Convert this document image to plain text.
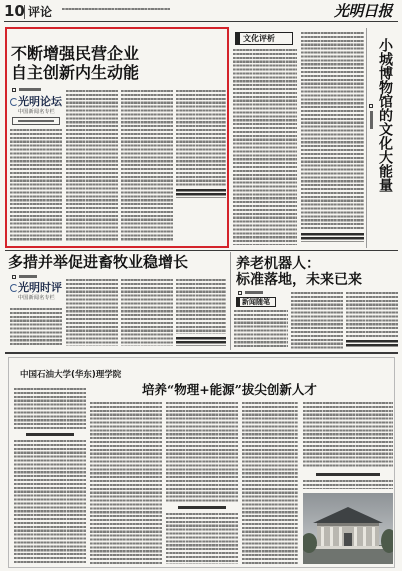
10 评论	光明日报
不断增强民营企业
自主创新内生动能
光明论坛
中国新闻名专栏
文化评析	小城博物馆的文化大能量
多措并举促进畜牧业稳增长
光明时评
中国新闻名专栏
养老机器人：
标准落地，未来已来
新闻随笔
中国石油大学(华东)理学院
培养“物理+能源”拔尖创新人才
